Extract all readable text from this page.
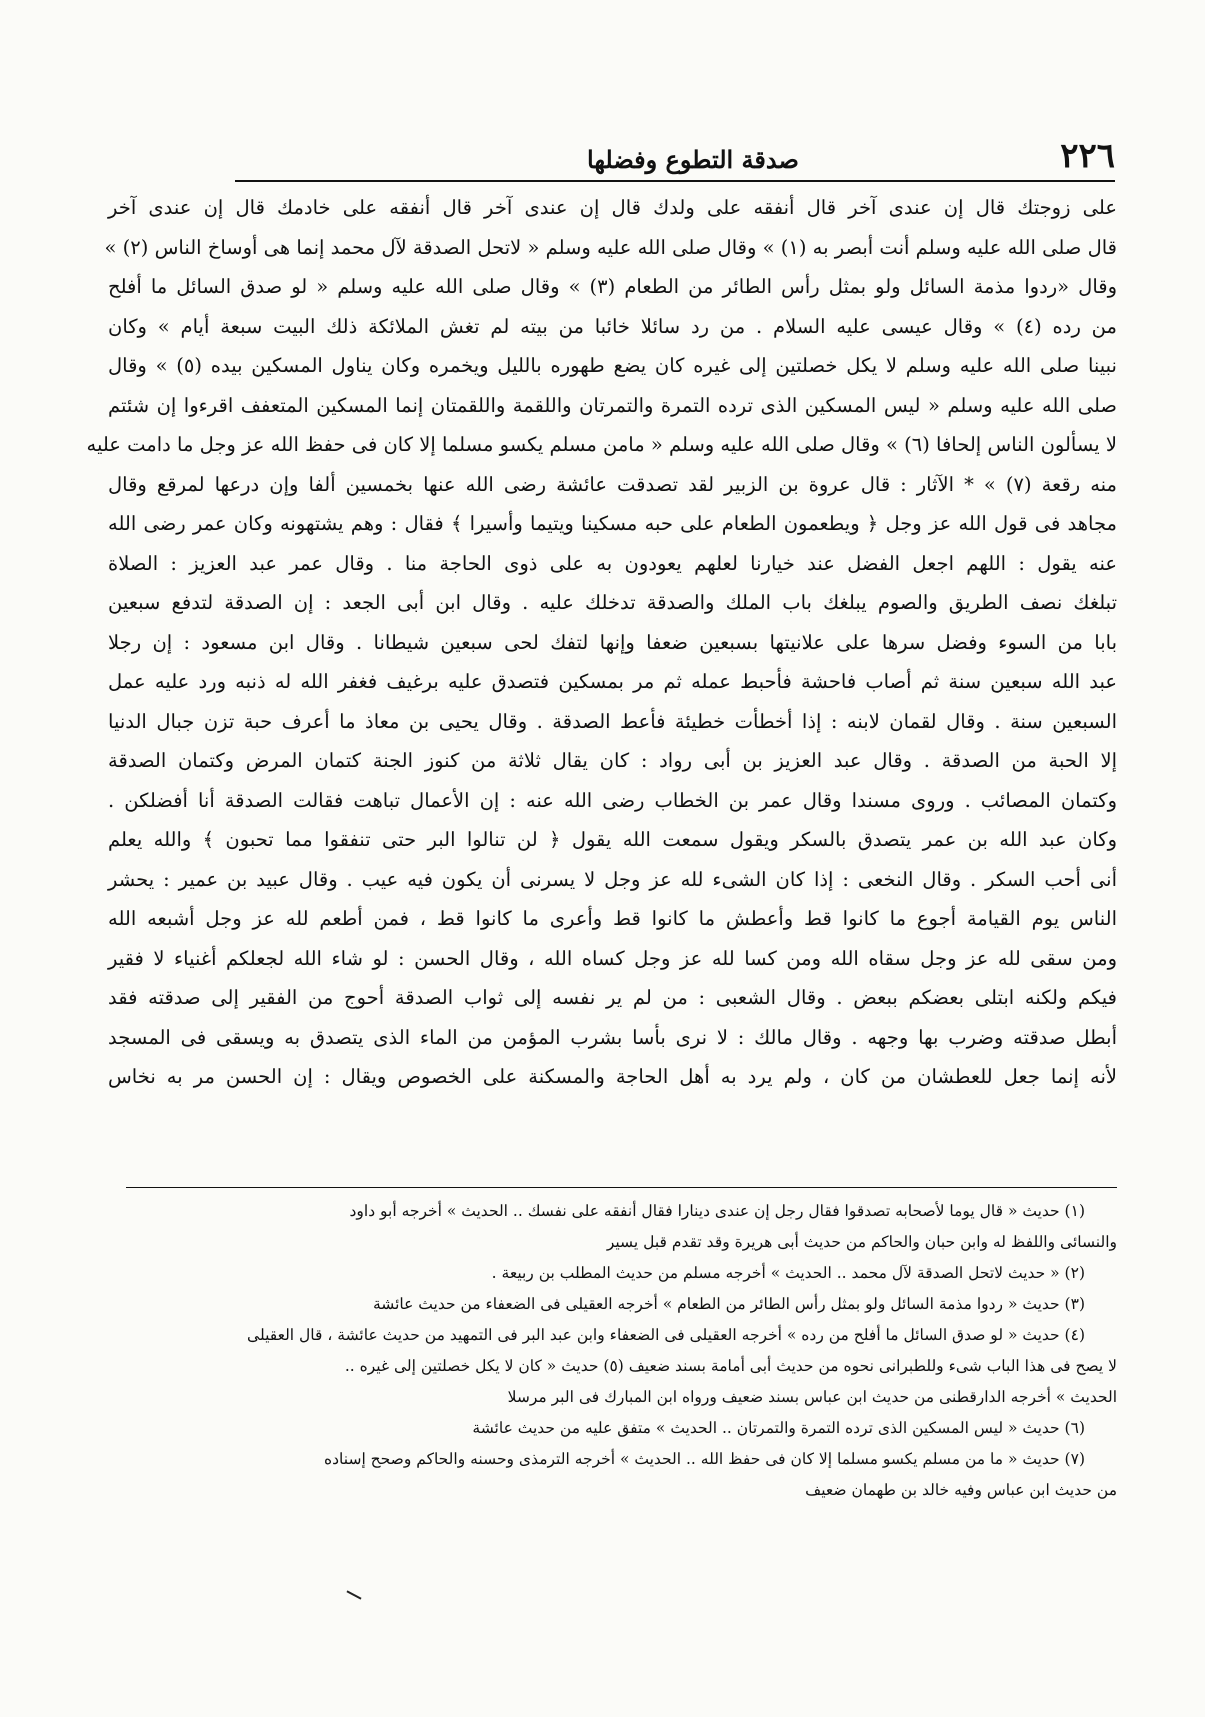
٢٢٦
صدقة التطوع وفضلها
على زوجتك قال إن عندى آخر قال أنفقه على ولدك قال إن عندى آخر قال أنفقه على خادمك قال إن عندى آخر
قال صلى الله عليه وسلم أنت أبصر به (١) » وقال صلى الله عليه وسلم « لاتحل الصدقة لآل محمد إنما هى أوساخ الناس (٢) »
وقال «ردوا مذمة السائل ولو بمثل رأس الطائر من الطعام (٣) » وقال صلى الله عليه وسلم « لو صدق السائل ما أفلح
من رده (٤) » وقال عيسى عليه السلام . من رد سائلا خائبا من بيته لم تغش الملائكة ذلك البيت سبعة أيام » وكان
نبينا صلى الله عليه وسلم لا يكل خصلتين إلى غيره كان يضع طهوره بالليل ويخمره وكان يناول المسكين بيده (٥) » وقال
صلى الله عليه وسلم « ليس المسكين الذى ترده التمرة والتمرتان واللقمة واللقمتان إنما المسكين المتعفف اقرءوا إن شئتم
لا يسألون الناس إلحافا (٦) » وقال صلى الله عليه وسلم « مامن مسلم يكسو مسلما إلا كان فى حفظ الله عز وجل ما دامت عليه
منه رقعة (٧) » * الآثار : قال عروة بن الزبير لقد تصدقت عائشة رضى الله عنها بخمسين ألفا وإن درعها لمرقع وقال
مجاهد فى قول الله عز وجل ﴿ ويطعمون الطعام على حبه مسكينا ويتيما وأسيرا ﴾ فقال : وهم يشتهونه وكان عمر رضى الله
عنه يقول : اللهم اجعل الفضل عند خيارنا لعلهم يعودون به على ذوى الحاجة منا . وقال عمر عبد العزيز : الصلاة
تبلغك نصف الطريق والصوم يبلغك باب الملك والصدقة تدخلك عليه . وقال ابن أبى الجعد : إن الصدقة لتدفع سبعين
بابا من السوء وفضل سرها على علانيتها بسبعين ضعفا وإنها لتفك لحى سبعين شيطانا . وقال ابن مسعود : إن رجلا
عبد الله سبعين سنة ثم أصاب فاحشة فأحبط عمله ثم مر بمسكين فتصدق عليه برغيف فغفر الله له ذنبه ورد عليه عمل
السبعين سنة . وقال لقمان لابنه : إذا أخطأت خطيئة فأعط الصدقة . وقال يحيى بن معاذ ما أعرف حبة تزن جبال الدنيا
إلا الحبة من الصدقة . وقال عبد العزيز بن أبى رواد : كان يقال ثلاثة من كنوز الجنة كتمان المرض وكتمان الصدقة
وكتمان المصائب . وروى مسندا وقال عمر بن الخطاب رضى الله عنه : إن الأعمال تباهت فقالت الصدقة أنا أفضلكن .
وكان عبد الله بن عمر يتصدق بالسكر ويقول سمعت الله يقول ﴿ لن تنالوا البر حتى تنفقوا مما تحبون ﴾ والله يعلم
أنى أحب السكر . وقال النخعى : إذا كان الشىء لله عز وجل لا يسرنى أن يكون فيه عيب . وقال عبيد بن عمير : يحشر
الناس يوم القيامة أجوع ما كانوا قط وأعطش ما كانوا قط وأعرى ما كانوا قط ، فمن أطعم لله عز وجل أشبعه الله
ومن سقى لله عز وجل سقاه الله ومن كسا لله عز وجل كساه الله ، وقال الحسن : لو شاء الله لجعلكم أغنياء لا فقير
فيكم ولكنه ابتلى بعضكم ببعض . وقال الشعبى : من لم ير نفسه إلى ثواب الصدقة أحوج من الفقير إلى صدقته فقد
أبطل صدقته وضرب بها وجهه . وقال مالك : لا نرى بأسا بشرب المؤمن من الماء الذى يتصدق به ويسقى فى المسجد
لأنه إنما جعل للعطشان من كان ، ولم يرد به أهل الحاجة والمسكنة على الخصوص ويقال : إن الحسن مر به نخاس
(١) حديث « قال يوما لأصحابه تصدقوا فقال رجل إن عندى دينارا فقال أنفقه على نفسك .. الحديث » أخرجه أبو داود
والنسائى واللفظ له وابن حبان والحاكم من حديث أبى هريرة وقد تقدم قبل يسير
(٢) « حديث لاتحل الصدقة لآل محمد .. الحديث » أخرجه مسلم من حديث المطلب بن ربيعة .
(٣) حديث « ردوا مذمة السائل ولو بمثل رأس الطائر من الطعام » أخرجه العقيلى فى الضعفاء من حديث عائشة
(٤) حديث « لو صدق السائل ما أفلح من رده » أخرجه العقيلى فى الضعفاء وابن عبد البر فى التمهيد من حديث عائشة ، قال العقيلى
لا يصح فى هذا الباب شىء وللطبرانى نحوه من حديث أبى أمامة بسند ضعيف (٥) حديث « كان لا يكل خصلتين إلى غيره ..
الحديث » أخرجه الدارقطنى من حديث ابن عباس بسند ضعيف ورواه ابن المبارك فى البر مرسلا
(٦) حديث « ليس المسكين الذى ترده التمرة والتمرتان .. الحديث » متفق عليه من حديث عائشة
(٧) حديث « ما من مسلم يكسو مسلما إلا كان فى حفظ الله .. الحديث » أخرجه الترمذى وحسنه والحاكم وصحح إسناده
من حديث ابن عباس وفيه خالد بن طهمان ضعيف
